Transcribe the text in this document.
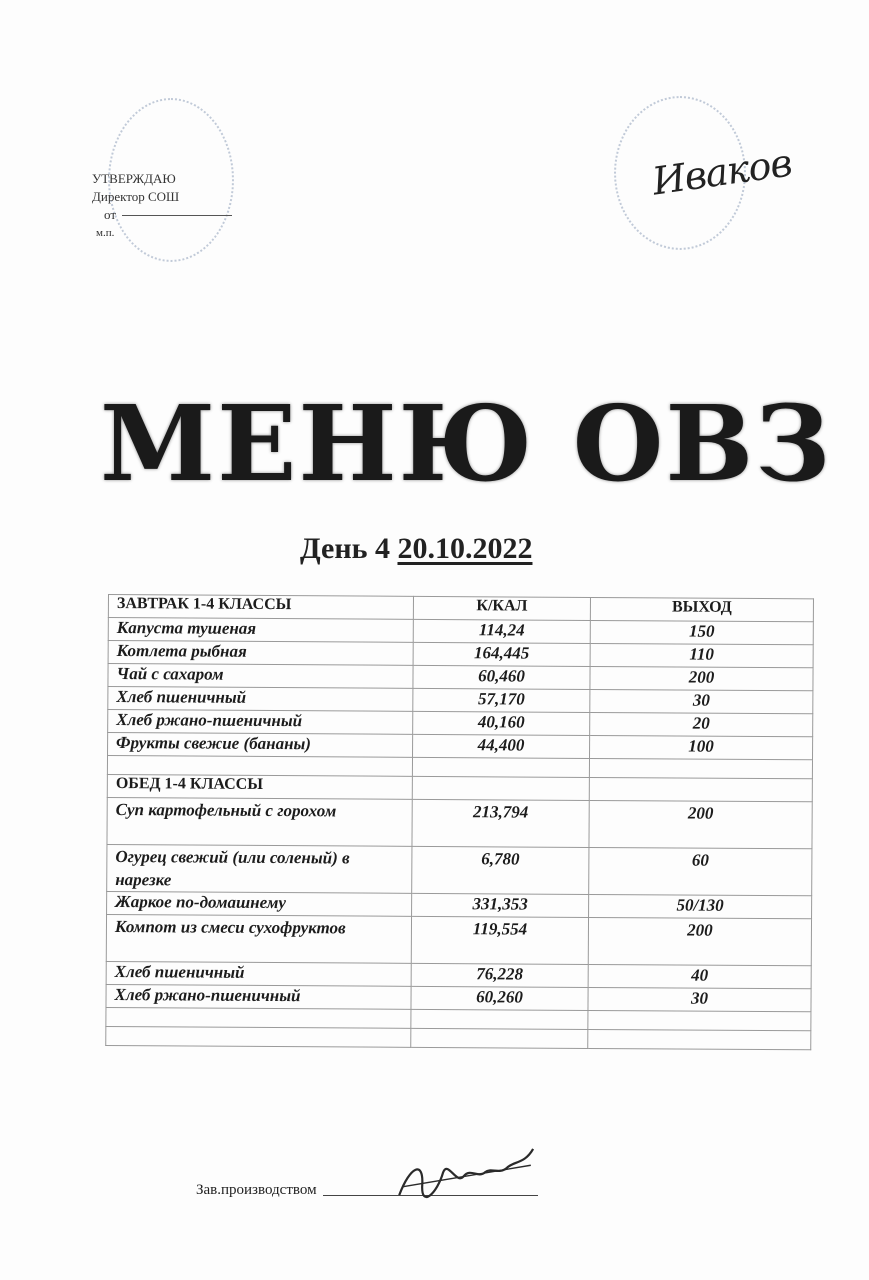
УТВЕРЖДАЮ
Директор СОШ
от
м.п.
Иваков
МЕНЮ ОВЗ
День 4 20.10.2022
ЗАВТРАК 1-4 КЛАССЫ	К/КАЛ	ВЫХОД
Капуста тушеная	114,24	150
Котлета рыбная	164,445	110
Чай с сахаром	60,460	200
Хлеб пшеничный	57,170	30
Хлеб ржано-пшеничный	40,160	20
Фрукты свежие (бананы)	44,400	100

ОБЕД 1-4 КЛАССЫ		
Суп картофельный с горохом	213,794	200
Огурец свежий (или соленый) в нарезке	6,780	60
Жаркое по-домашнему	331,353	50/130
Компот из смеси сухофруктов	119,554	200
Хлеб пшеничный	76,228	40
Хлеб ржано-пшеничный	60,260	30

Зав.производством
